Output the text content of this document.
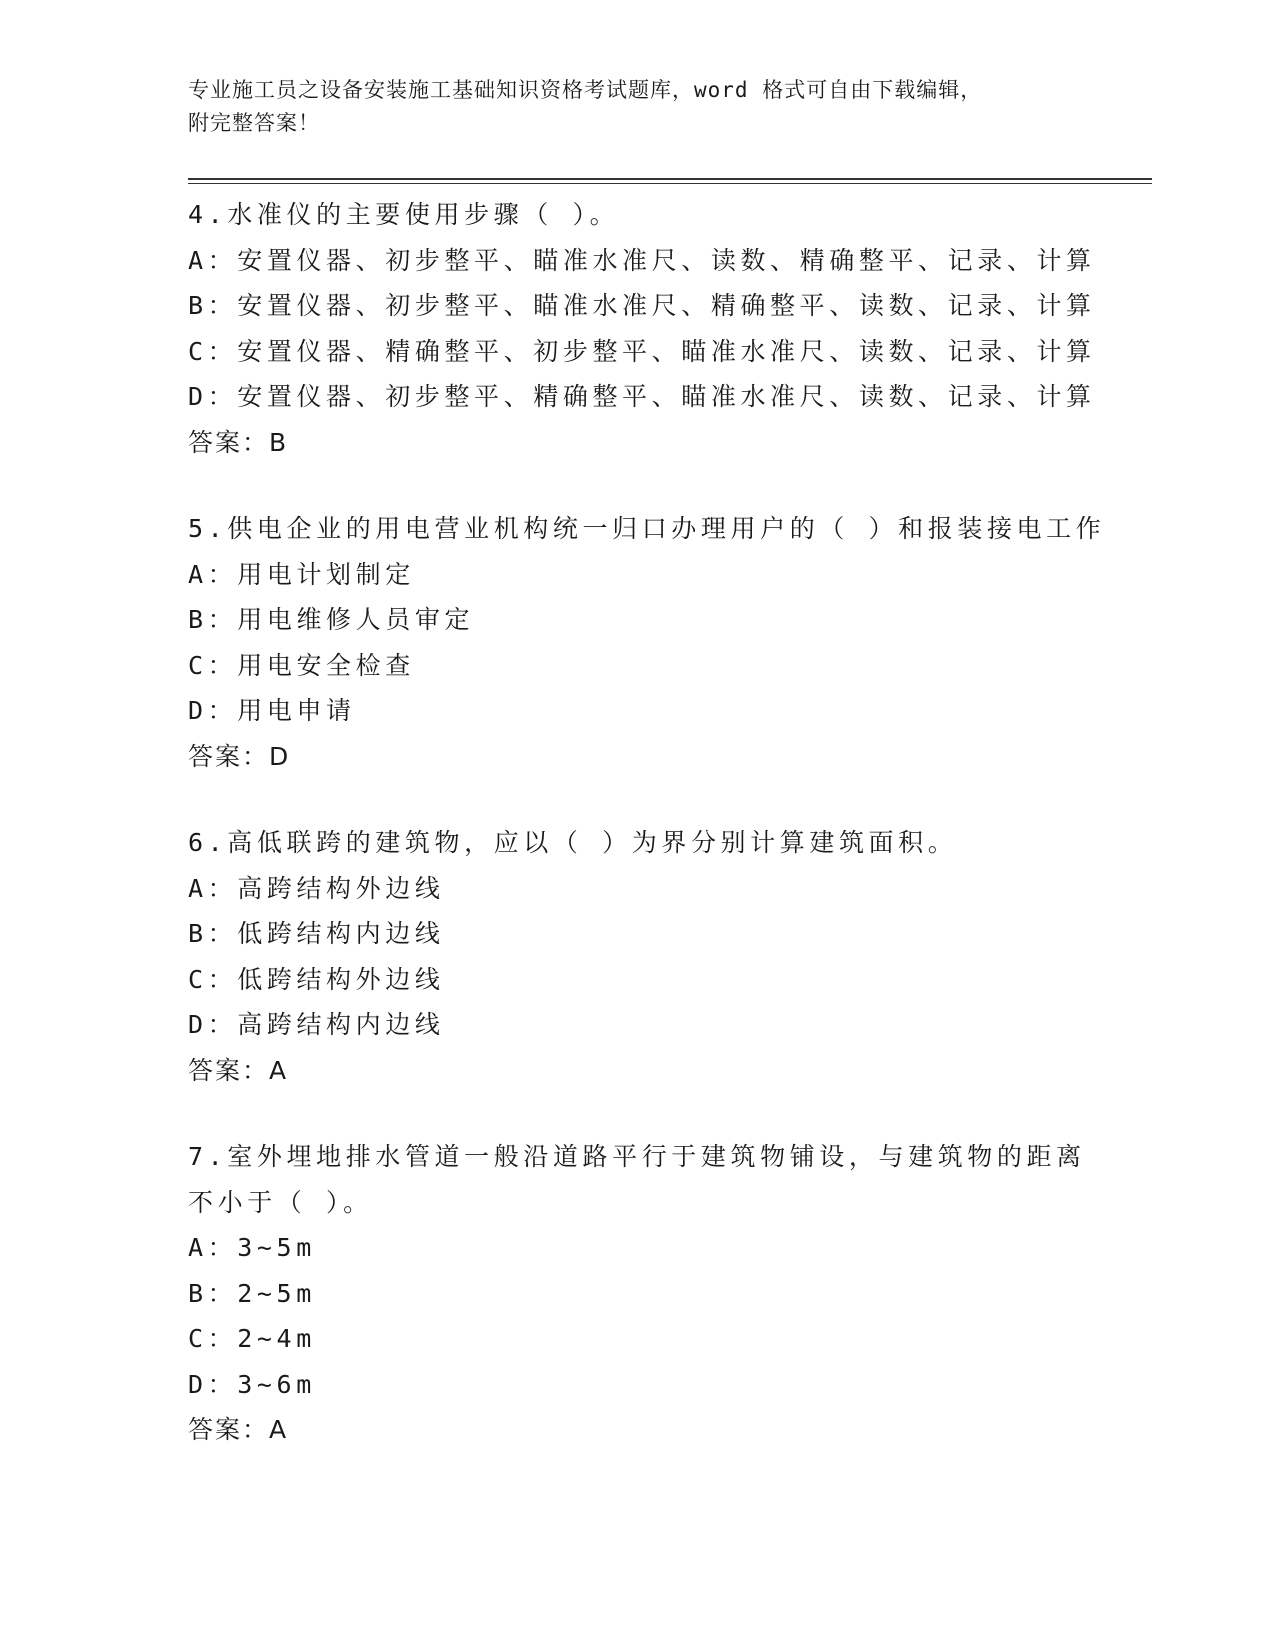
专业施工员之设备安装施工基础知识资格考试题库，word 格式可自由下载编辑，
附完整答案！
4.水准仪的主要使用步骤（ ）。
A：安置仪器、初步整平、瞄准水准尺、读数、精确整平、记录、计算
B：安置仪器、初步整平、瞄准水准尺、精确整平、读数、记录、计算
C：安置仪器、精确整平、初步整平、瞄准水准尺、读数、记录、计算
D：安置仪器、初步整平、精确整平、瞄准水准尺、读数、记录、计算
答案：B
5.供电企业的用电营业机构统一归口办理用户的（ ）和报装接电工作
A：用电计划制定
B：用电维修人员审定
C：用电安全检查
D：用电申请
答案：D
6.高低联跨的建筑物，应以（ ）为界分别计算建筑面积。
A：高跨结构外边线
B：低跨结构内边线
C：低跨结构外边线
D：高跨结构内边线
答案：A
7.室外埋地排水管道一般沿道路平行于建筑物铺设，与建筑物的距离
不小于（ ）。
A：3~5m
B：2~5m
C：2~4m
D：3~6m
答案：A
